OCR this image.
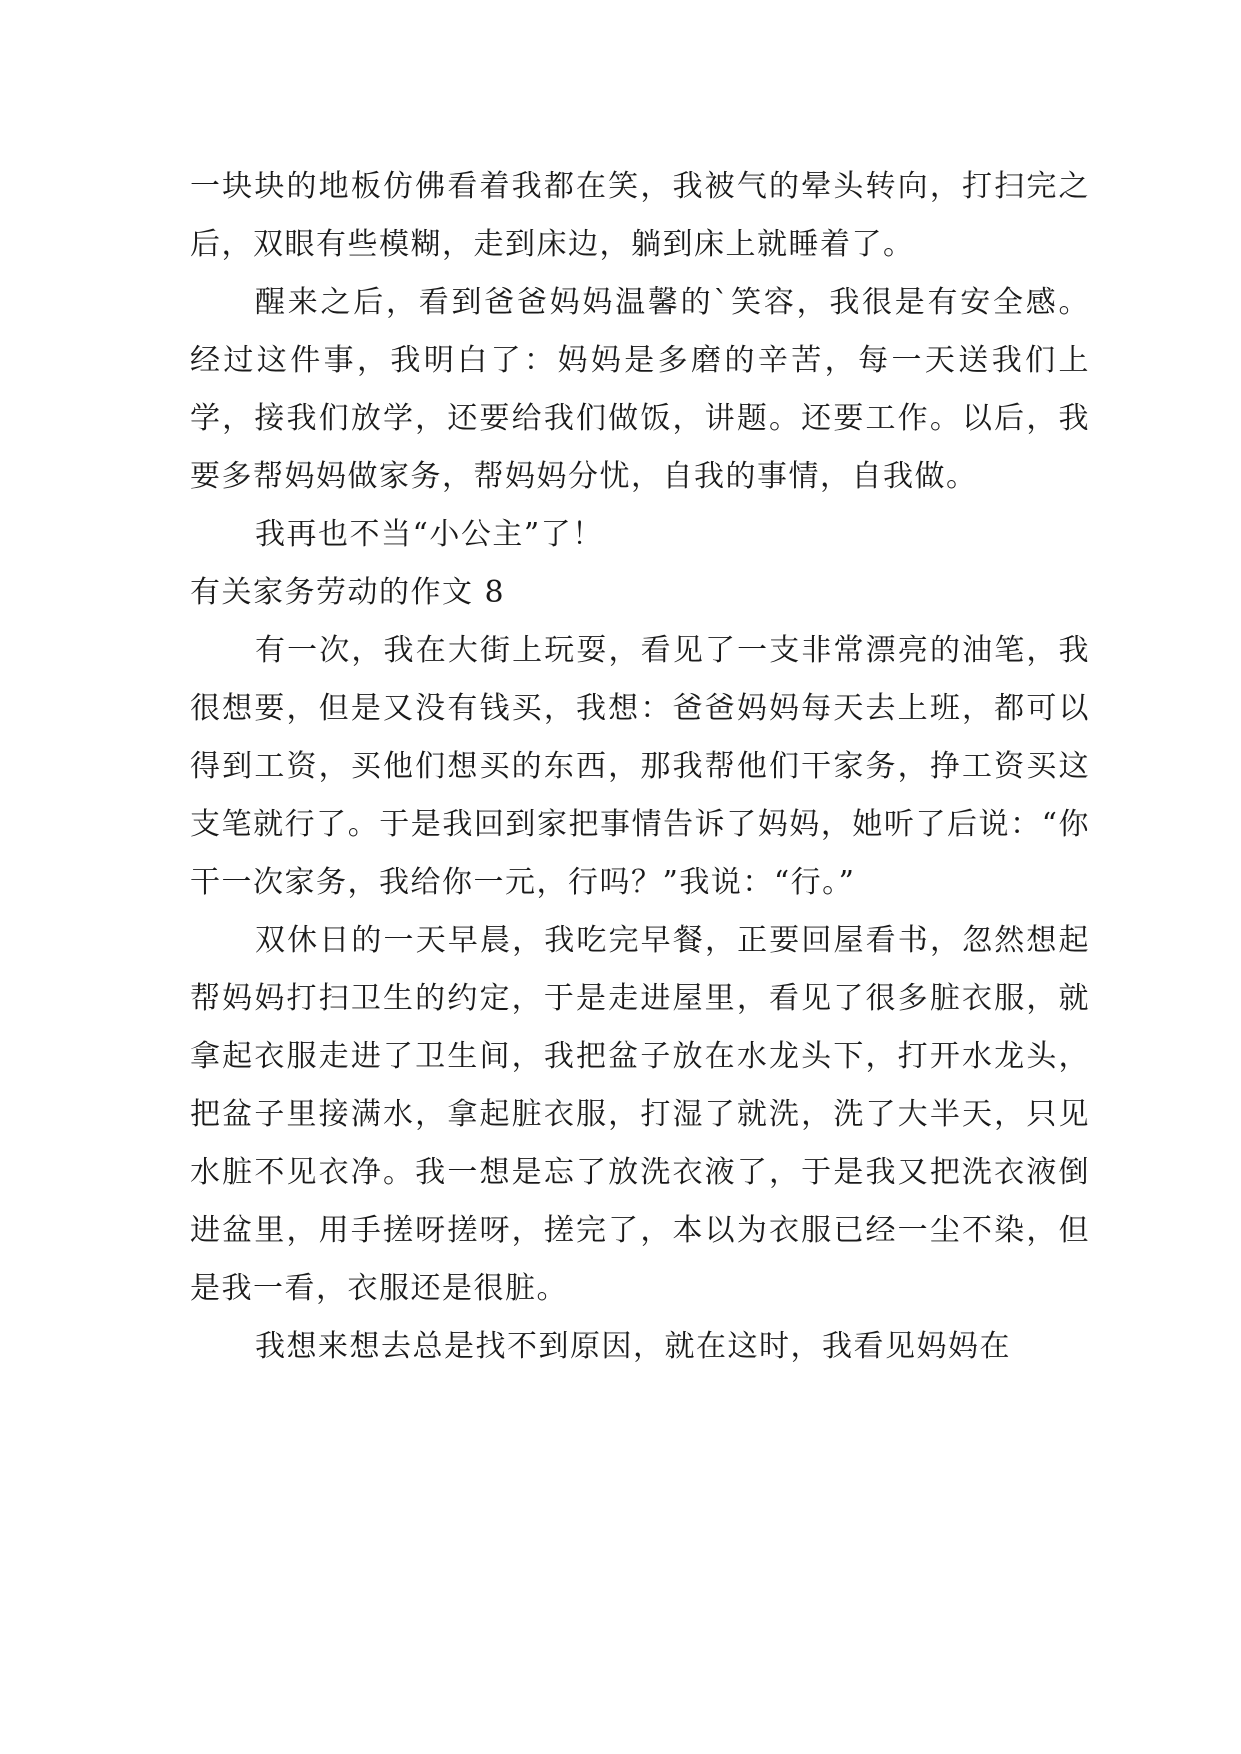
一块块的地板仿佛看着我都在笑，我被气的晕头转向，打扫完之后，双眼有些模糊，走到床边，躺到床上就睡着了。

醒来之后，看到爸爸妈妈温馨的`笑容，我很是有安全感。经过这件事，我明白了：妈妈是多磨的辛苦，每一天送我们上学，接我们放学，还要给我们做饭，讲题。还要工作。以后，我要多帮妈妈做家务，帮妈妈分忧，自我的事情，自我做。

我再也不当“小公主”了！

有关家务劳动的作文 8

有一次，我在大街上玩耍，看见了一支非常漂亮的油笔，我很想要，但是又没有钱买，我想：爸爸妈妈每天去上班，都可以得到工资，买他们想买的东西，那我帮他们干家务，挣工资买这支笔就行了。于是我回到家把事情告诉了妈妈，她听了后说：“你干一次家务，我给你一元，行吗？”我说：“行。”

双休日的一天早晨，我吃完早餐，正要回屋看书，忽然想起帮妈妈打扫卫生的约定，于是走进屋里，看见了很多脏衣服，就拿起衣服走进了卫生间，我把盆子放在水龙头下，打开水龙头，把盆子里接满水，拿起脏衣服，打湿了就洗，洗了大半天，只见水脏不见衣净。我一想是忘了放洗衣液了，于是我又把洗衣液倒进盆里，用手搓呀搓呀，搓完了，本以为衣服已经一尘不染，但是我一看，衣服还是很脏。

我想来想去总是找不到原因，就在这时，我看见妈妈在
